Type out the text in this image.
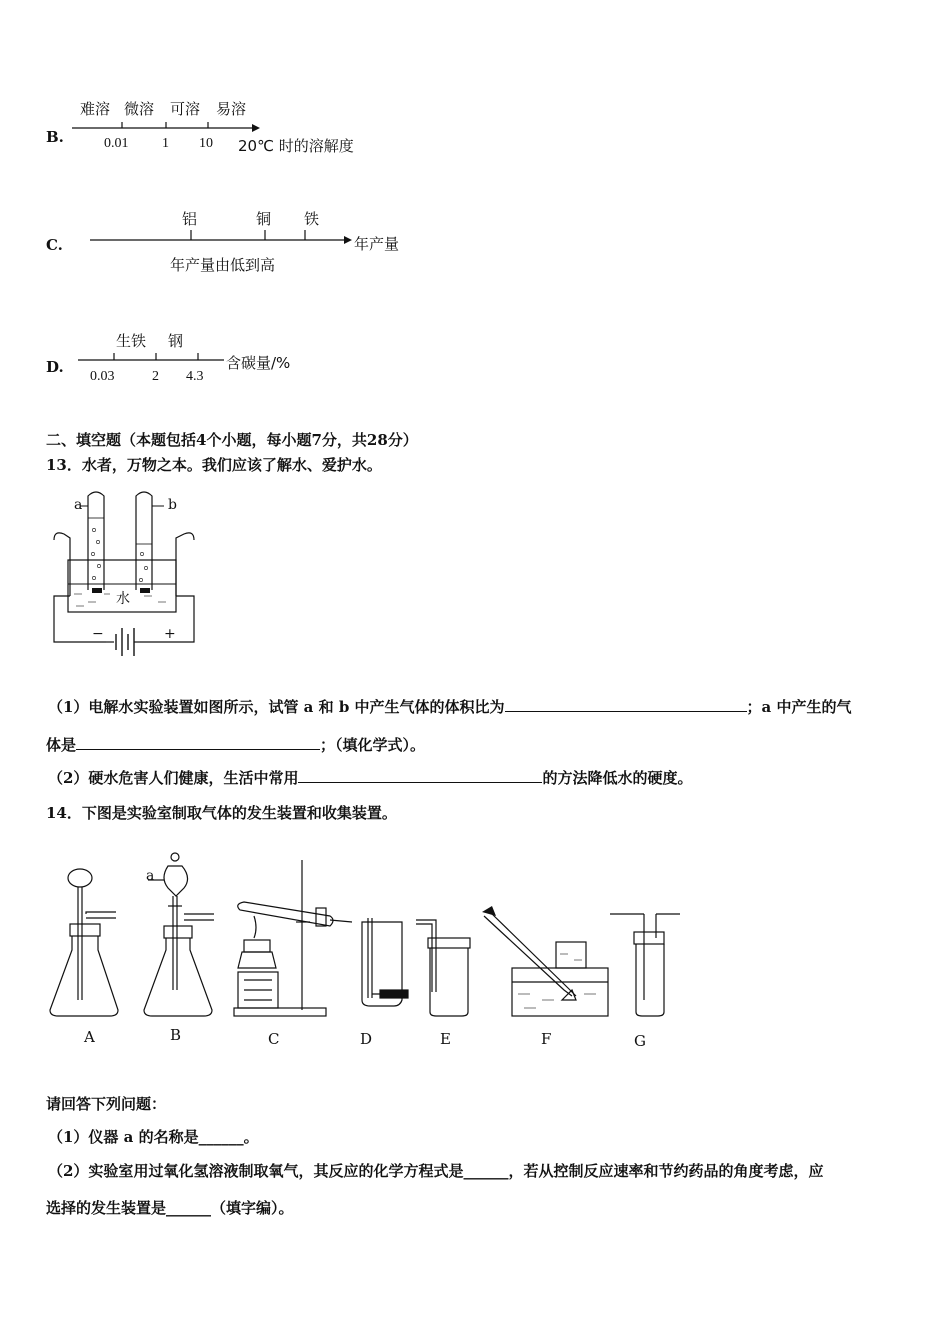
B.
难溶 微溶 可溶 易溶
0.01 1 10 20℃ 时的溶解度
C.
铝	铜 铁
年产量
年产量由低到高
D.
生铁 钢
含碳量/%
0.03	2 4.3
二、填空题（本题包括4个小题，每小题7分，共28分）
13．水者，万物之本。我们应该了解水、爱护水。
a	b
水
−	+
（1）电解水实验装置如图所示，试管 a 和 b 中产生气体的体积比为	；a 中产生的气
体是	；（填化学式）。
（2）硬水危害人们健康，生活中常用	的方法降低水的硬度。
14．下图是实验室制取气体的发生装置和收集装置。
a
A	B	C	D	E	F	G
请回答下列问题：
（1）仪器 a 的名称是______。
（2）实验室用过氧化氢溶液制取氧气，其反应的化学方程式是______，若从控制反应速率和节约药品的角度考虑，应
选择的发生装置是______（填字编）。
